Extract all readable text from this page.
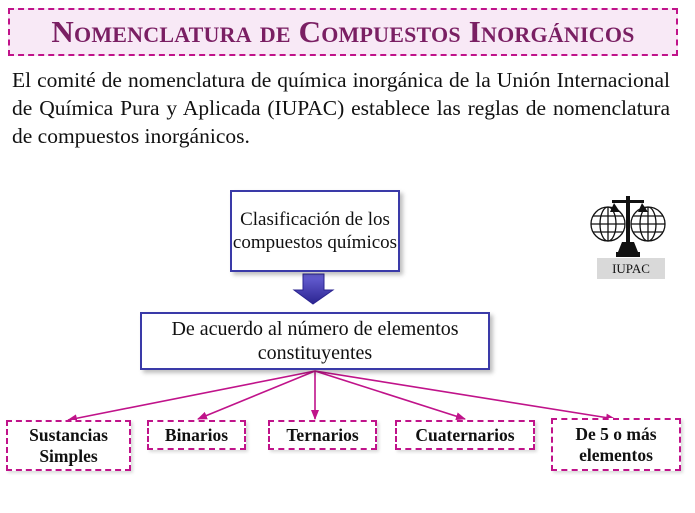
Nomenclatura de Compuestos Inorgánicos
El comité de nomenclatura de química inorgánica de la Unión Internacional de Química Pura y Aplicada (IUPAC) establece las reglas de nomenclatura de compuestos inorgánicos.
Clasificación de los compuestos químicos
De acuerdo al número de elementos constituyentes
Sustancias Simples
Binarios	Ternarios	Cuaternarios	De 5 o más elementos
IUPAC
